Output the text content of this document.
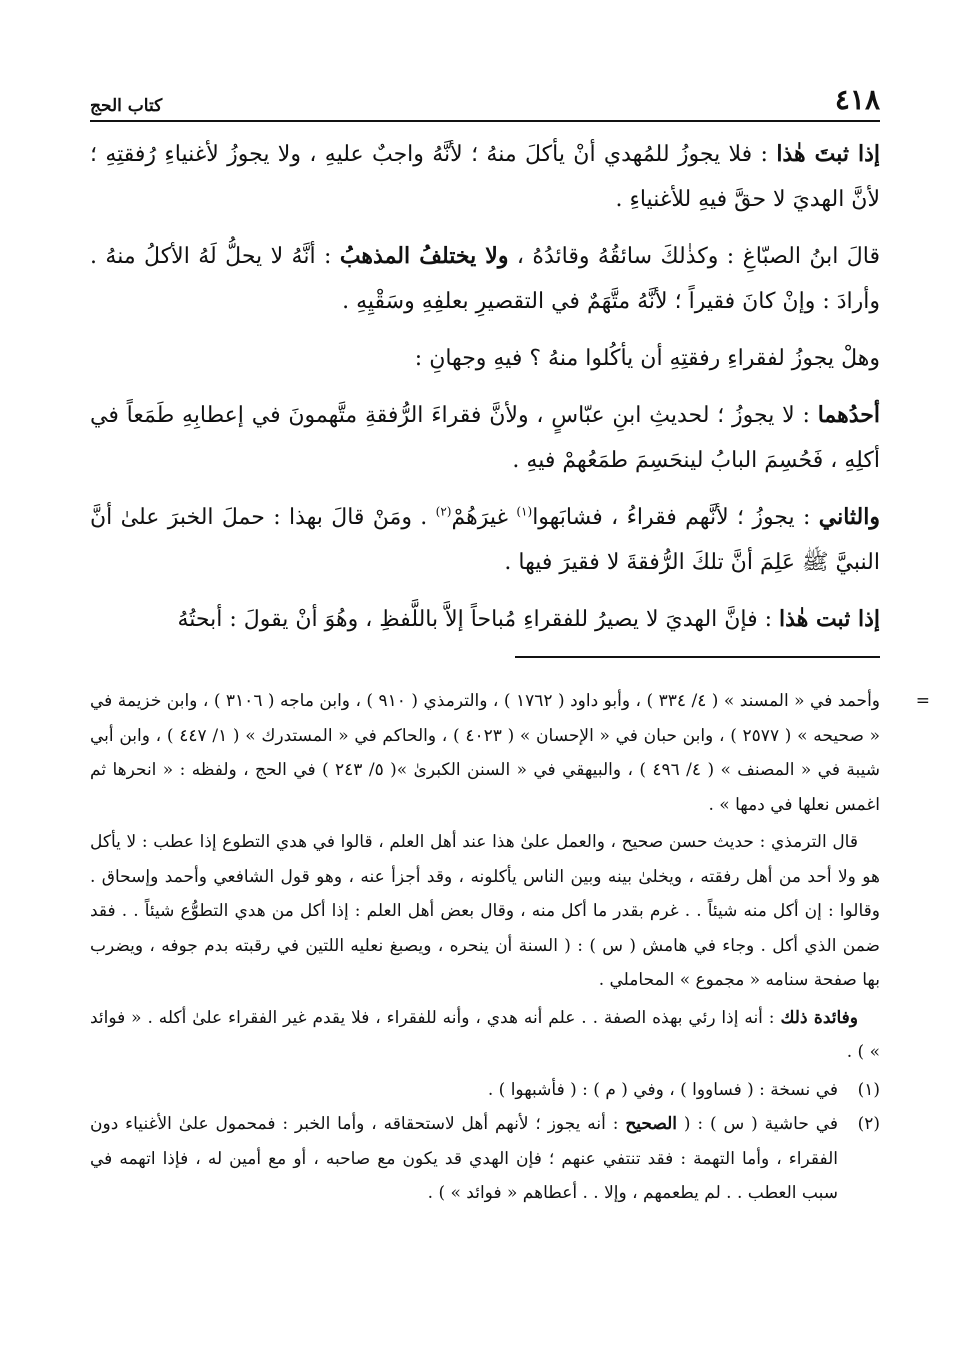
٤١٨
كتاب الحج

إذا ثبتَ هٰذا : فلا يجوزُ للمُهدي أنْ يأكلَ منهُ ؛ لأنَّهُ واجبٌ عليهِ ، ولا يجوزُ لأغنياءِ رُفقتِهِ ؛ لأنَّ الهديَ لا حقَّ فيهِ للأغنياءِ .

قالَ ابنُ الصبّاغِ : وكذٰلكَ سائقُهُ وقائدُهُ ، ولا يختلفُ المذهبُ : أنَّهُ لا يحلُّ لَهُ الأكلُ منهُ . وأرادَ : وإنْ كانَ فقيراً ؛ لأنَّهُ متَّهَمٌ في التقصيرِ بعلفِهِ وسَقْيِهِ .

وهلْ يجوزُ لفقراءِ رفقتِهِ أن يأكُلوا منهُ ؟ فيهِ وجهانِ :

أحدُهما : لا يجوزُ ؛ لحديثِ ابنِ عبّاسٍ ، ولأنَّ فقراءَ الرُّفقةِ متَّهمونَ في إعطابِهِ طَمَعاً في أكلِهِ ، فَحُسِمَ البابُ لينحَسِمَ طمَعُهمْ فيهِ .

والثاني : يجوزُ ؛ لأنَّهم فقراءُ ، فشابَهوا$^{(١)}$ غيرَهُمْ$^{(٢)}$ . ومَنْ قالَ بهذا : حملَ الخبرَ علىٰ أنَّ النبيَّ ﷺ عَلِمَ أنَّ تلكَ الرُّفقةَ لا فقيرَ فيها .

إذا ثبت هٰذا : فإنَّ الهديَ لا يصيرُ للفقراءِ مُباحاً إلاَّ باللَّفظِ ، وهُوَ أنْ يقولَ : أبحتُهُ

=

وأحمد في « المسند » ( ٤/ ٣٣٤ ) ، وأبو داود ( ١٧٦٢ ) ، والترمذي ( ٩١٠ ) ، وابن ماجه ( ٣١٠٦ ) ، وابن خزيمة في « صحيحه » ( ٢٥٧٧ ) ، وابن حبان في « الإحسان » ( ٤٠٢٣ ) ، والحاكم في « المستدرك » ( ١/ ٤٤٧ ) ، وابن أبي شيبة في « المصنف » ( ٤/ ٤٩٦ ) ، والبيهقي في « السنن الكبرىٰ »( ٥/ ٢٤٣ ) في الحج ، ولفظه : « انحرها ثم اغمس نعلها في دمها » .

قال الترمذي : حديث حسن صحيح ، والعمل علىٰ هذا عند أهل العلم ، قالوا في هدي التطوع إذا عطب : لا يأكل هو ولا أحد من أهل رفقته ، ويخلىٰ بينه وبين الناس يأكلونه ، وقد أجزأ عنه ، وهو قول الشافعي وأحمد وإسحاق . وقالوا : إن أكل منه شيئاً . . غرم بقدر ما أكل منه ، وقال بعض أهل العلم : إذا أكل من هدي التطوُّع شيئاً . . فقد ضمن الذي أكل . وجاء في هامش ( س ) : ( السنة أن ينحره ، ويصبغ نعليه اللتين في رقبته بدم جوفه ، ويضرب بها صفحة سنامه « مجموع » المحاملي .

وفائدة ذلك : أنه إذا رئي بهذه الصفة . . علم أنه هدي ، وأنه للفقراء ، فلا يقدم غير الفقراء علىٰ أكله . « فوائد » ) .

(١)
في نسخة : ( فساووا ) ، وفي ( م ) : ( فأشبهوا ) .
(٢)
في حاشية ( س ) : ( الصحيح : أنه يجوز ؛ لأنهم أهل لاستحقاقه ، وأما الخبر : فمحمول علىٰ الأغنياء دون الفقراء ، وأما التهمة : فقد تنتفي عنهم ؛ فإن الهدي قد يكون مع صاحبه ، أو مع أمين له ، فإذا اتهمه في سبب العطب . . لم يطعمهم ، وإلا . . أعطاهم « فوائد » ) .
